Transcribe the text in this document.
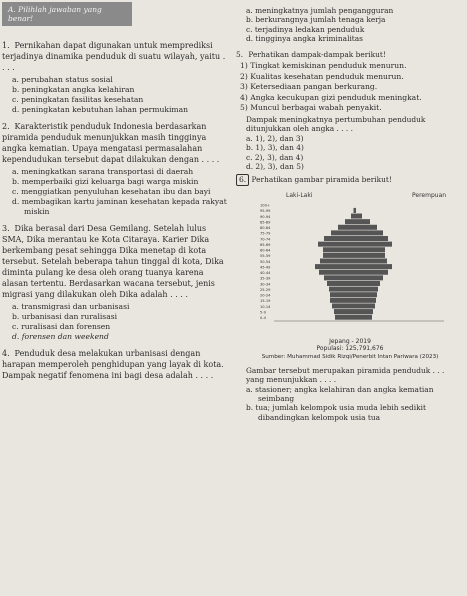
A. Pilihlah jawaban yang benar!
1. Pernikahan dapat digunakan untuk memprediksi terjadinya dinamika penduduk di suatu wilayah, yaitu . . . .
a. perubahan status sosial
b. peningkatan angka kelahiran
c. peningkatan fasilitas kesehatan
d. peningkatan kebutuhan lahan permukiman
2. Karakteristik penduduk Indonesia berdasarkan piramida penduduk menunjukkan masih tingginya angka kematian. Upaya mengatasi permasalahan kependudukan tersebut dapat dilakukan dengan . . . .
a. meningkatkan sarana transportasi di daerah
b. memperbaiki gizi keluarga bagi warga miskin
c. menggiatkan penyuluhan kesehatan ibu dan bayi
d. membagikan kartu jaminan kesehatan kepada rakyat miskin
3. Dika berasal dari Desa Gemilang. Setelah lulus SMA, Dika merantau ke Kota Citaraya. Karier Dika berkembang pesat sehingga Dika menetap di kota tersebut. Setelah beberapa tahun tinggal di kota, Dika diminta pulang ke desa oleh orang tuanya karena alasan tertentu. Berdasarkan wacana tersebut, jenis migrasi yang dilakukan oleh Dika adalah . . . .
a. transmigrasi dan urbanisasi
b. urbanisasi dan ruralisasi
c. ruralisasi dan forensen
d. forensen dan weekend
4. Penduduk desa melakukan urbanisasi dengan harapan memperoleh penghidupan yang layak di kota. Dampak negatif fenomena ini bagi desa adalah . . . .
a. meningkatnya jumlah pengangguran
b. berkurangnya jumlah tenaga kerja
c. terjadinya ledakan penduduk
d. tingginya angka kriminalitas
5. Perhatikan dampak-dampak berikut!
1) Tingkat kemiskinan penduduk menurun.
2) Kualitas kesehatan penduduk menurun.
3) Ketersediaan pangan berkurang.
4) Angka kecukupan gizi penduduk meningkat.
5) Muncul berbagai wabah penyakit.
Dampak meningkatnya pertumbuhan penduduk ditunjukkan oleh angka . . . .
a. 1), 2), dan 3)
b. 1), 3), dan 4)
c. 2), 3), dan 4)
d. 2), 3), dan 5)
6. Perhatikan gambar piramida berikut!
Laki-Laki	Perempuan
0-4
5-9
10-14
15-19
20-24
25-29
30-34
35-39
40-44
45-49
50-54
55-59
60-64
65-69
70-74
75-79
80-84
85-89
90-94
95-99
100+
Jepang - 2019
Populasi: 125,791,676
Sumber: Muhammad Sidik Rizqi/Penerbit Intan Pariwara (2023)
Gambar tersebut merupakan piramida penduduk . . . yang menunjukkan . . . .
a. stasioner; angka kelahiran dan angka kematian seimbang
b. tua; jumlah kelompok usia muda lebih sedikit dibandingkan kelompok usia tua
